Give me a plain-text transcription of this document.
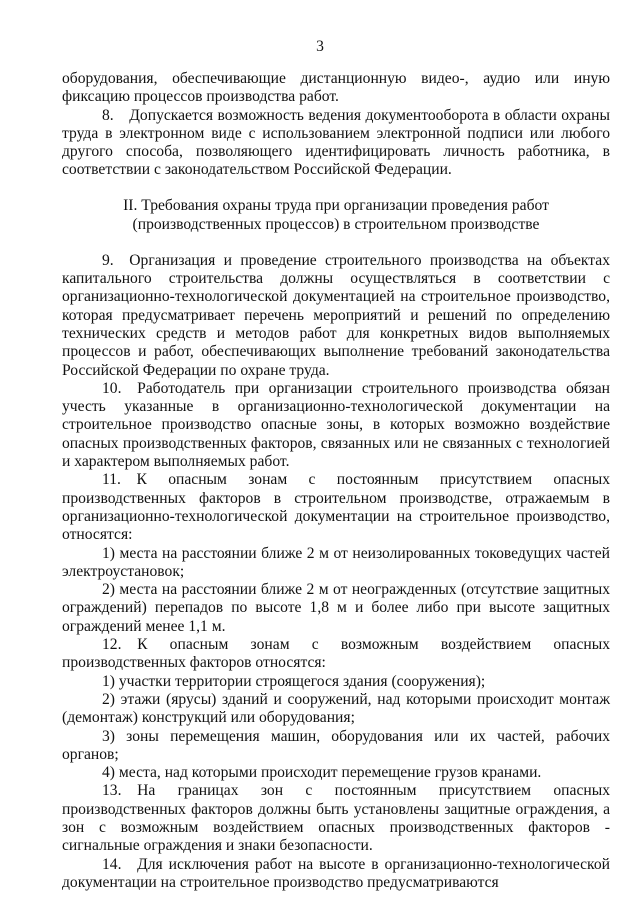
3

оборудования, обеспечивающие дистанционную видео-, аудио или иную фиксацию процессов производства работ.

8. Допускается возможность ведения документооборота в области охраны труда в электронном виде с использованием электронной подписи или любого другого способа, позволяющего идентифицировать личность работника, в соответствии с законодательством Российской Федерации.

II. Требования охраны труда при организации проведения работ
(производственных процессов) в строительном производстве

9. Организация и проведение строительного производства на объектах капитального строительства должны осуществляться в соответствии с организационно-технологической документацией на строительное производство, которая предусматривает перечень мероприятий и решений по определению технических средств и методов работ для конкретных видов выполняемых процессов и работ, обеспечивающих выполнение требований законодательства Российской Федерации по охране труда.

10. Работодатель при организации строительного производства обязан учесть указанные в организационно-технологической документации на строительное производство опасные зоны, в которых возможно воздействие опасных производственных факторов, связанных или не связанных с технологией и характером выполняемых работ.

11. К опасным зонам с постоянным присутствием опасных производственных факторов в строительном производстве, отражаемым в организационно-технологической документации на строительное производство, относятся:

1) места на расстоянии ближе 2 м от неизолированных токоведущих частей электроустановок;

2) места на расстоянии ближе 2 м от неогражденных (отсутствие защитных ограждений) перепадов по высоте 1,8 м и более либо при высоте защитных ограждений менее 1,1 м.

12. К опасным зонам с возможным воздействием опасных производственных факторов относятся:

1) участки территории строящегося здания (сооружения);

2) этажи (ярусы) зданий и сооружений, над которыми происходит монтаж (демонтаж) конструкций или оборудования;

3) зоны перемещения машин, оборудования или их частей, рабочих органов;

4) места, над которыми происходит перемещение грузов кранами.

13. На границах зон с постоянным присутствием опасных производственных факторов должны быть установлены защитные ограждения, а зон с возможным воздействием опасных производственных факторов - сигнальные ограждения и знаки безопасности.

14. Для исключения работ на высоте в организационно-технологической документации на строительное производство предусматриваются
